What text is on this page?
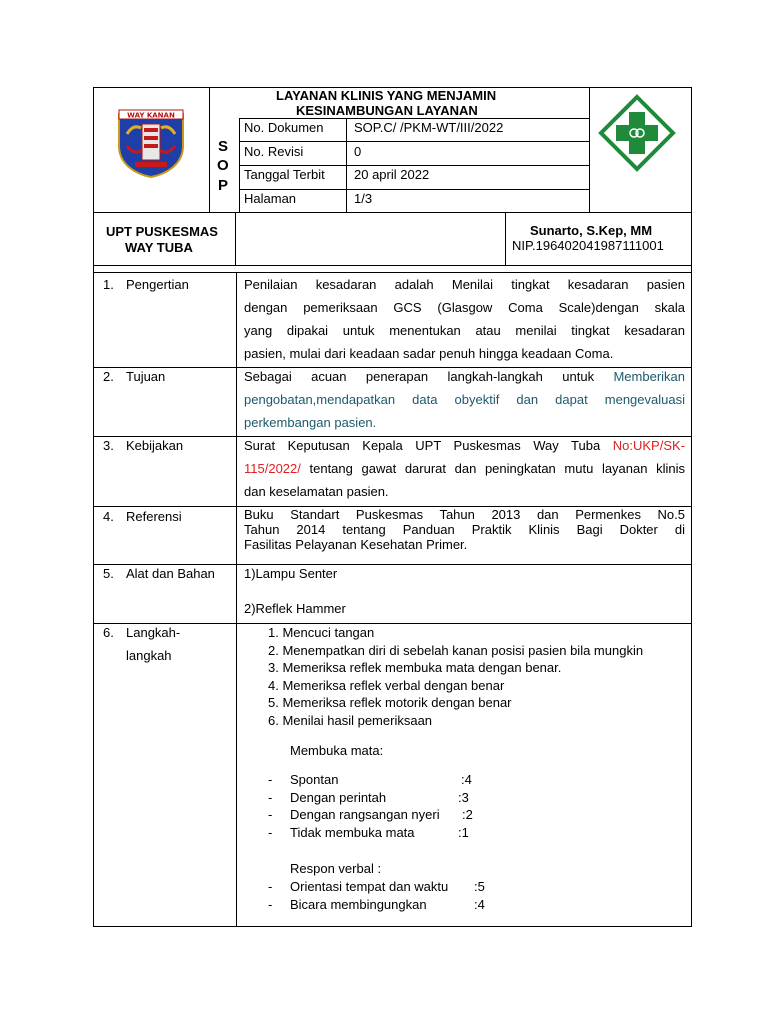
WAY KANAN
LAYANAN KLINIS YANG MENJAMIN
KESINAMBUNGAN LAYANAN
S
O
P
No. Dokumen SOP.C/ /PKM-WT/III/2022
No. Revisi	0
Tanggal Terbit 20 april 2022
Halaman	1/3
UPT PUSKESMAS
WAY TUBA
Sunarto, S.Kep, MM
NIP.196402041987111001
1. Pengertian	Penilaian kesadaran adalah Menilai tingkat kesadaran pasien
dengan pemeriksaan GCS (Glasgow Coma Scale)dengan skala
yang dipakai untuk menentukan atau menilai tingkat kesadaran
pasien, mulai dari keadaan sadar penuh hingga keadaan Coma.
2. Tujuan	Sebagai acuan penerapan langkah-langkah untuk Memberikan
pengobatan,mendapatkan data obyektif dan dapat mengevaluasi
perkembangan pasien.
3. Kebijakan	Surat Keputusan Kepala UPT Puskesmas Way Tuba No:UKP/SK-
115/2022/ tentang gawat darurat dan peningkatan mutu layanan klinis
dan keselamatan pasien.
4. Referensi	Buku Standart Puskesmas Tahun 2013 dan Permenkes No.5
Tahun 2014 tentang Panduan Praktik Klinis Bagi Dokter di
Fasilitas Pelayanan Kesehatan Primer.
5. Alat dan Bahan 1)Lampu Senter
2)Reflek Hammer
6. Langkah-
langkah
1. Mencuci tangan
2. Menempatkan diri di sebelah kanan posisi pasien bila mungkin
3. Memeriksa reflek membuka mata dengan benar.
4. Memeriksa reflek verbal dengan benar
5. Memeriksa reflek motorik dengan benar
6. Menilai hasil pemeriksaan
Membuka mata:
- Spontan	:4
- Dengan perintah	:3
- Dengan rangsangan nyeri :2
- Tidak membuka mata	:1
Respon verbal :
- Orientasi tempat dan waktu :5
- Bicara membingungkan	:4
